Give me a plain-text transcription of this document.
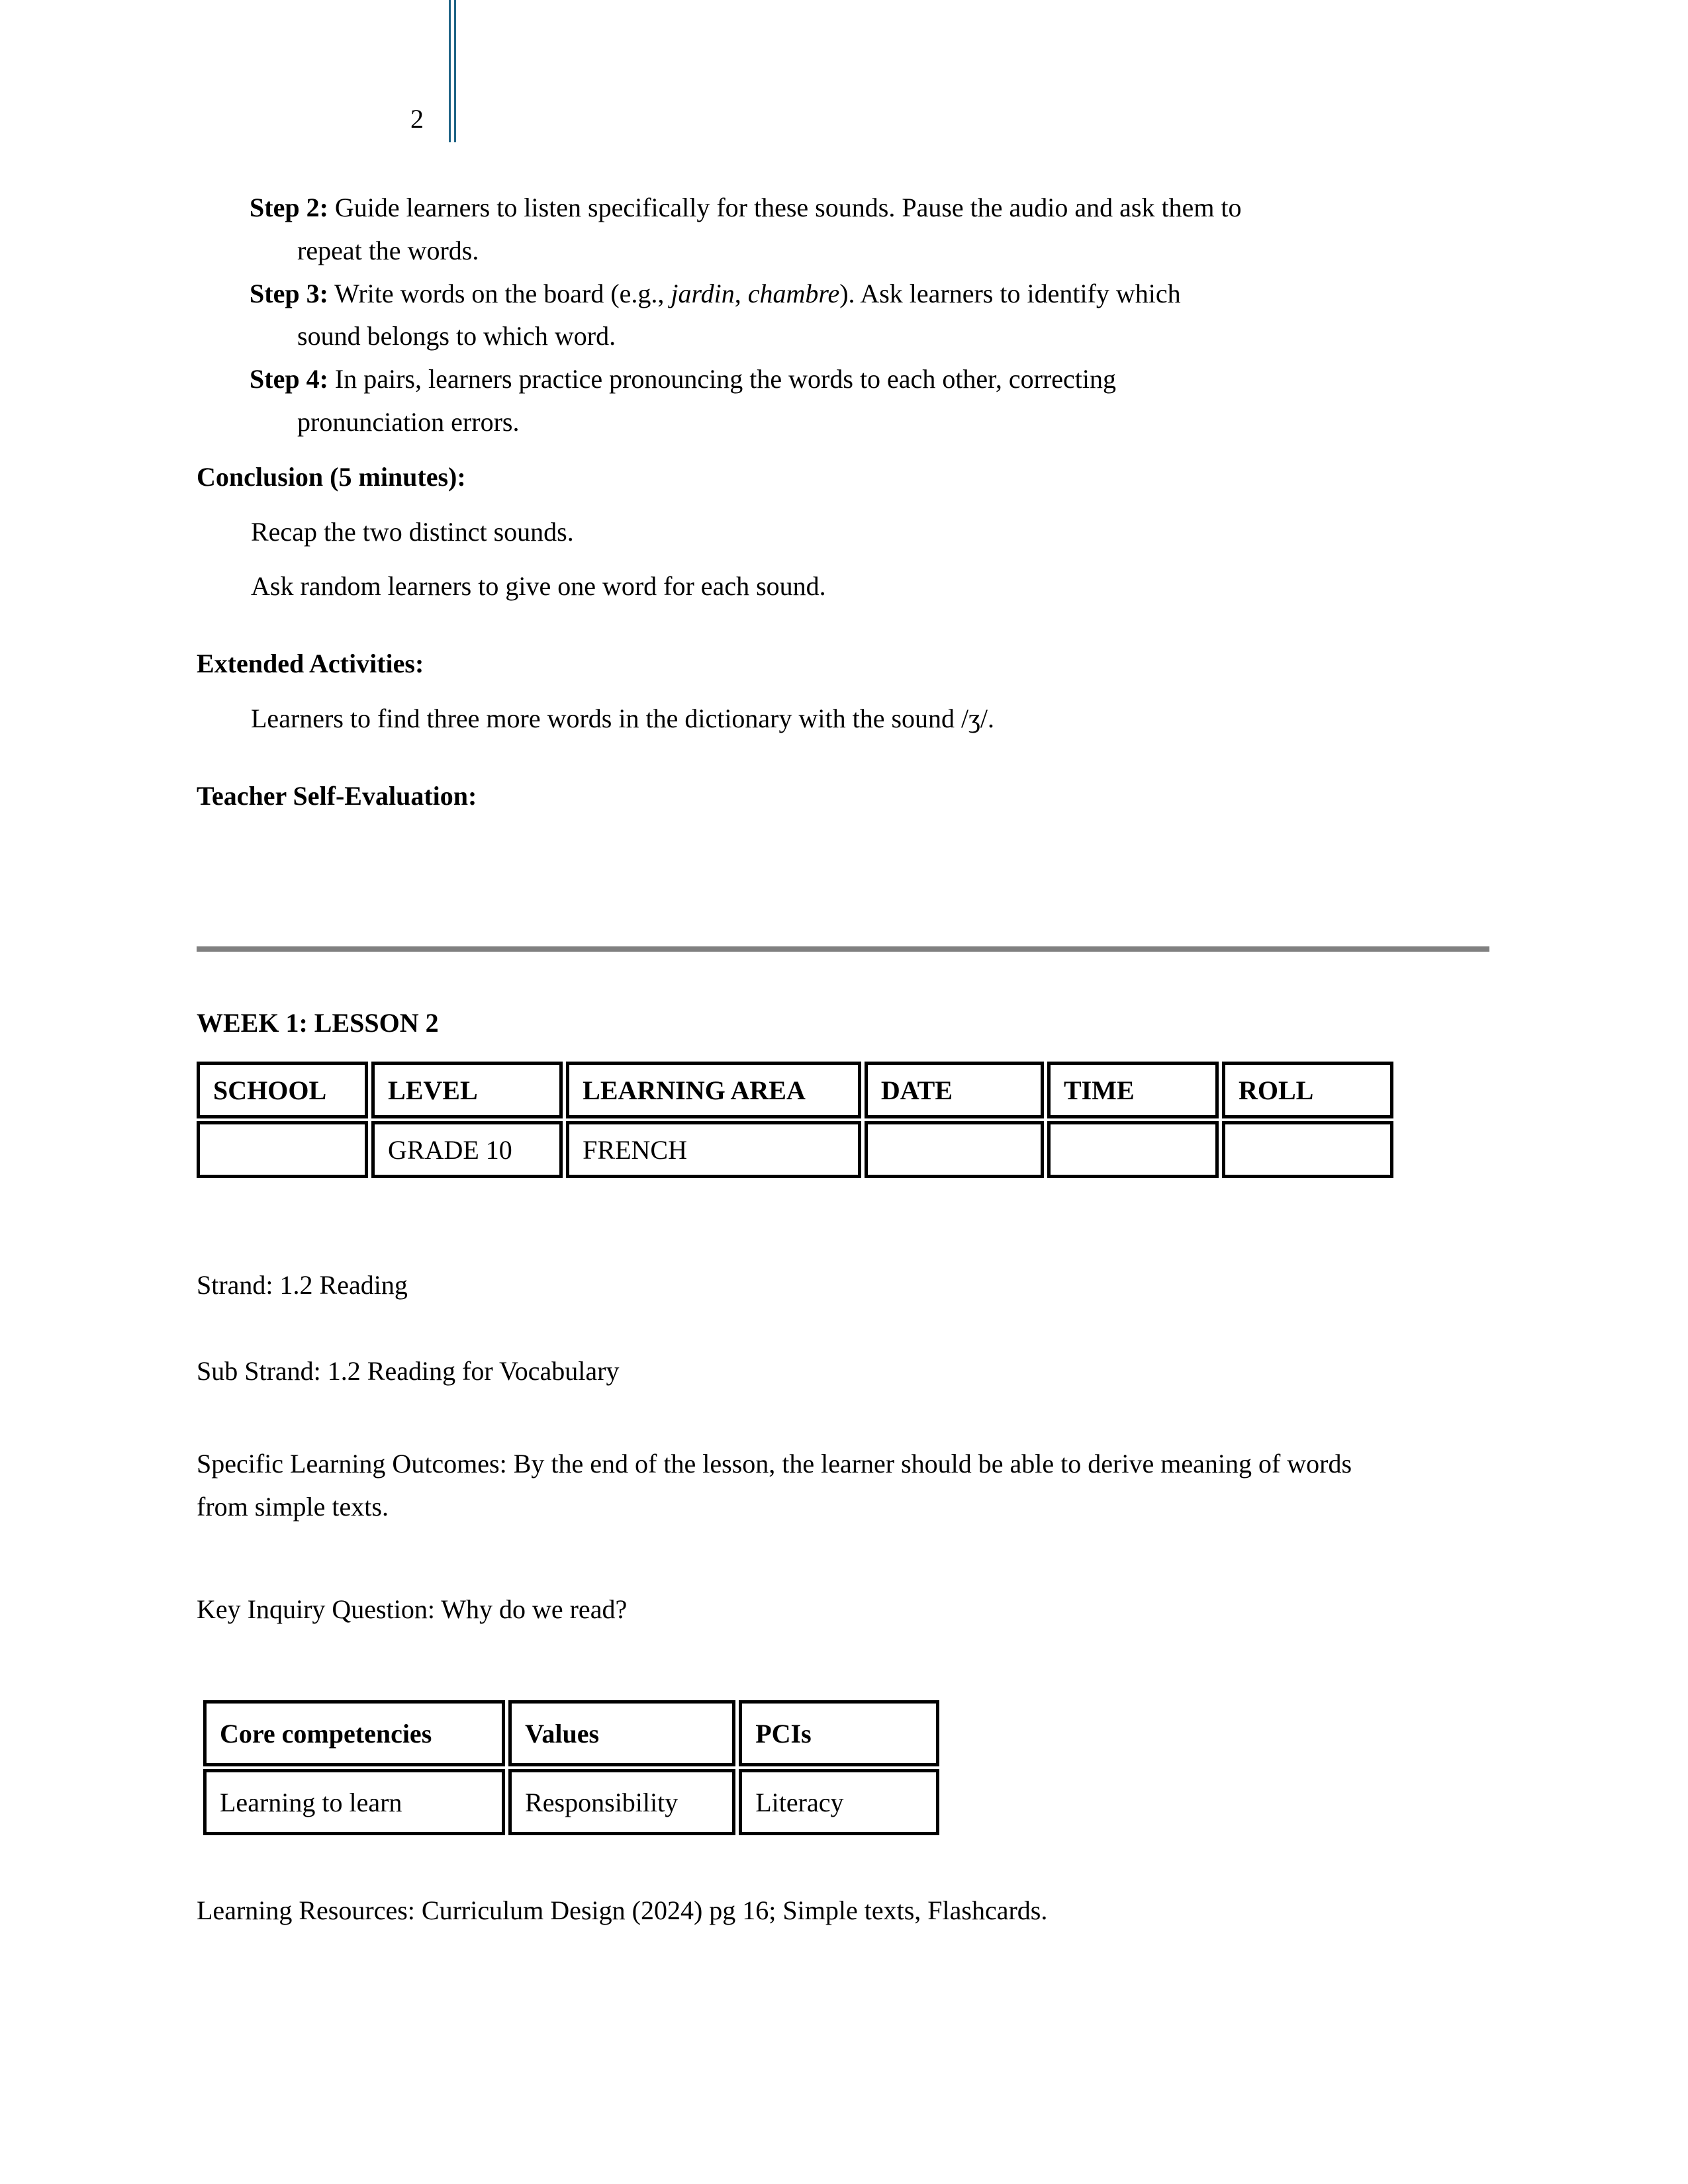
2
Step 2: Guide learners to listen specifically for these sounds. Pause the audio and ask them to
repeat the words.
Step 3: Write words on the board (e.g., jardin, chambre). Ask learners to identify which
sound belongs to which word.
Step 4: In pairs, learners practice pronouncing the words to each other, correcting
pronunciation errors.
Conclusion (5 minutes):

Recap the two distinct sounds.

Ask random learners to give one word for each sound.

Extended Activities:

Learners to find three more words in the dictionary with the sound /ʒ/.

Teacher Self-Evaluation:
WEEK 1: LESSON 2
SCHOOL	LEVEL	LEARNING AREA	DATE	TIME	ROLL
	GRADE 10	FRENCH			
Strand: 1.2 Reading
Sub Strand: 1.2 Reading for Vocabulary
Specific Learning Outcomes: By the end of the lesson, the learner should be able to derive meaning of words from simple texts.
Key Inquiry Question: Why do we read?
Core competencies	Values	PCIs
Learning to learn	Responsibility	Literacy
Learning Resources: Curriculum Design (2024) pg 16; Simple texts, Flashcards.
